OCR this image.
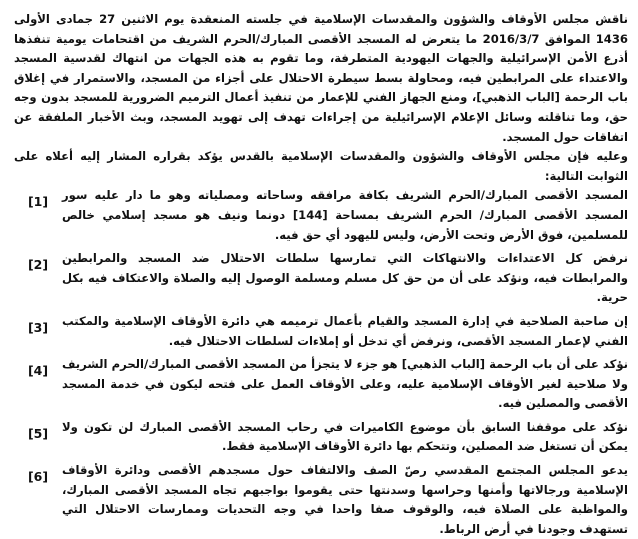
ناقش مجلس الأوقاف والشؤون والمقدسات الإسلامية في جلسته المنعقدة يوم الاثنين 27 جمادى الأولى 1436 الموافق 2016/3/7 ما يتعرض له المسجد الأقصى المبارك/الحرم الشريف من اقتحامات يومية تنفذها أذرع الأمن الإسرائيلية والجهات اليهودية المتطرفة، وما تقوم به هذه الجهات من انتهاك لقدسية المسجد والاعتداء على المرابطين فيه، ومحاولة بسط سيطرة الاحتلال على أجزاء من المسجد، والاستمرار في إغلاق باب الرحمة [الباب الذهبي]، ومنع الجهاز الفني للإعمار من تنفيذ أعمال الترميم الضرورية للمسجد بدون وجه حق، وما تناقلته وسائل الإعلام الإسرائيلية من إجراءات تهدف إلى تهويد المسجد، وبث الأخبار الملفقة عن اتفاقات حول المسجد.

وعليه فإن مجلس الأوقاف والشؤون والمقدسات الإسلامية بالقدس يؤكد بقراره المشار إليه أعلاه على الثوابت التالية:

المسجد الأقصى المبارك/الحرم الشريف بكافة مرافقه وساحاته ومصلياته وهو ما دار عليه سور المسجد الأقصى المبارك/ الحرم الشريف بمساحة [144] دونما ونيف هو مسجد إسلامي خالص للمسلمين، فوق الأرض وتحت الأرض، وليس لليهود أي حق فيه.

[1]

نرفض كل الاعتداءات والانتهاكات التي تمارسها سلطات الاحتلال ضد المسجد والمرابطين والمرابطات فيه، ونؤكد على أن من حق كل مسلم ومسلمة الوصول إليه والصلاة والاعتكاف فيه بكل حرية.

[2]

إن صاحبة الصلاحية في إدارة المسجد والقيام بأعمال ترميمه هي دائرة الأوقاف الإسلامية والمكتب الفني لإعمار المسجد الأقصى، ونرفض أي تدخل أو إملاءات لسلطات الاحتلال فيه.

[3]

نؤكد على أن باب الرحمة [الباب الذهبي] هو جزء لا يتجزأ من المسجد الأقصى المبارك/الحرم الشريف ولا صلاحية لغير الأوقاف الإسلامية عليه، وعلى الأوقاف العمل على فتحه ليكون في خدمة المسجد الأقصى والمصلين فيه.

[4]

نؤكد على موقفنا السابق بأن موضوع الكاميرات في رحاب المسجد الأقصى المبارك لن تكون ولا يمكن أن تستغل ضد المصلين، وتتحكم بها دائرة الأوقاف الإسلامية فقط.

[5]

يدعو المجلس المجتمع المقدسي رصّ الصف والالتفاف حول مسجدهم الأقصى ودائرة الأوقاف الإسلامية ورجالاتها وأمنها وحراسها وسدنتها حتى يقوموا بواجبهم تجاه المسجد الأقصى المبارك، والمواظبة على الصلاة فيه، والوقوف صفا واحدا في وجه التحديات وممارسات الاحتلال التي تستهدف وجودنا في أرض الرباط.

[6]
